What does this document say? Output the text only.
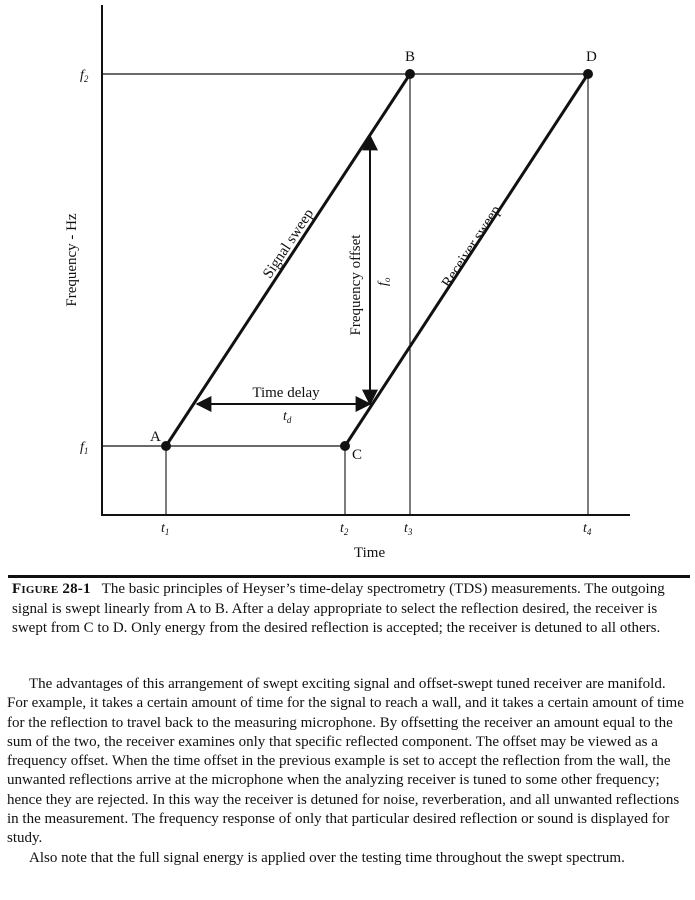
A
B
C
D
f2
f1
t1	t2	t3	t4
Time
Frequency - Hz	Signal sweep	Receiver sweep
Time delay
td
Frequency offset fo
Figure 28-1 The basic principles of Heyser’s time-delay spectrometry (TDS) measurements. The outgoing signal is swept linearly from A to B. After a delay appropriate to select the reflection desired, the receiver is swept from C to D. Only energy from the desired reflection is accepted; the receiver is detuned to all others.

The advantages of this arrangement of swept exciting signal and offset-swept tuned receiver are manifold. For example, it takes a certain amount of time for the signal to reach a wall, and it takes a certain amount of time for the reflection to travel back to the measuring microphone. By offsetting the receiver an amount equal to the sum of the two, the receiver examines only that specific reflected component. The offset may be viewed as a frequency offset. When the time offset in the previous example is set to accept the reflection from the wall, the unwanted reflections arrive at the microphone when the analyzing receiver is tuned to some other frequency; hence they are rejected. In this way the receiver is detuned for noise, reverberation, and all unwanted reflections in the measurement. The frequency response of only that particular desired reflection or sound is displayed for study.

Also note that the full signal energy is applied over the testing time throughout the swept spectrum.
